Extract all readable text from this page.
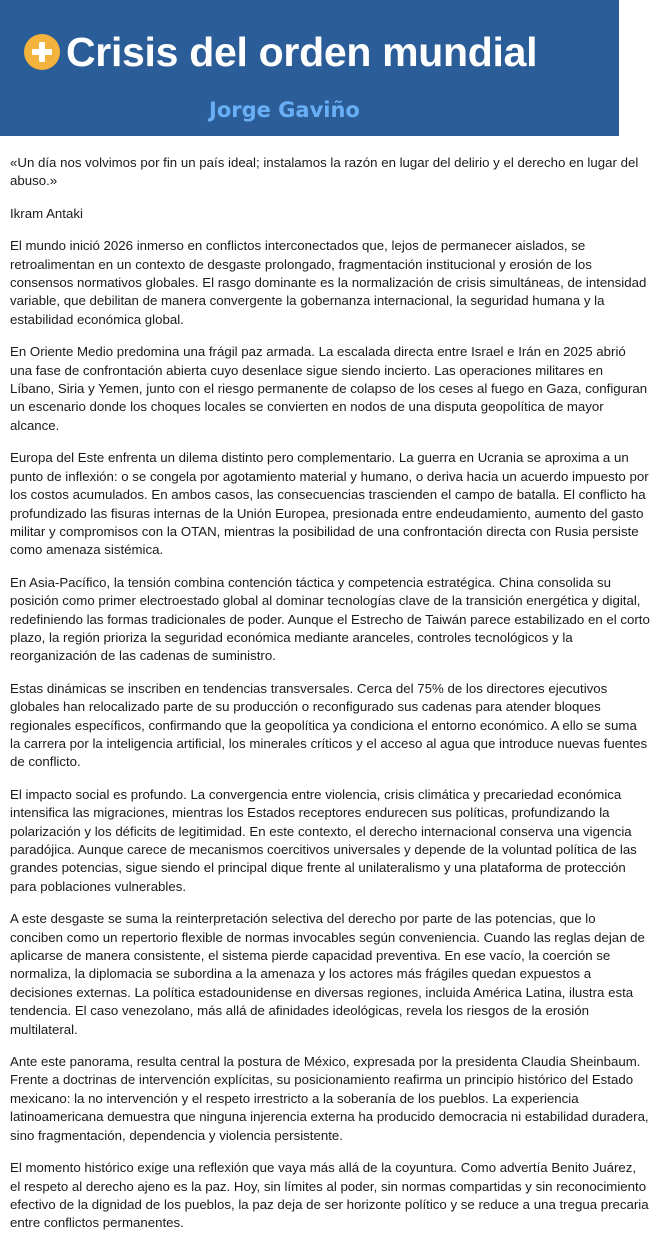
Crisis del orden mundial
Jorge Gaviño

«Un día nos volvimos por fin un país ideal; instalamos la razón en lugar del delirio y el derecho en lugar del abuso.»

Ikram Antaki

El mundo inició 2026 inmerso en conflictos interconectados que, lejos de permanecer aislados, se retroalimentan en un contexto de desgaste prolongado, fragmentación institucional y erosión de los consensos normativos globales. El rasgo dominante es la normalización de crisis simultáneas, de intensidad variable, que debilitan de manera convergente la gobernanza internacional, la seguridad humana y la estabilidad económica global.

En Oriente Medio predomina una frágil paz armada. La escalada directa entre Israel e Irán en 2025 abrió una fase de confrontación abierta cuyo desenlace sigue siendo incierto. Las operaciones militares en Líbano, Siria y Yemen, junto con el riesgo permanente de colapso de los ceses al fuego en Gaza, configuran un escenario donde los choques locales se convierten en nodos de una disputa geopolítica de mayor alcance.

Europa del Este enfrenta un dilema distinto pero complementario. La guerra en Ucrania se aproxima a un punto de inflexión: o se congela por agotamiento material y humano, o deriva hacia un acuerdo impuesto por los costos acumulados. En ambos casos, las consecuencias trascienden el campo de batalla. El conflicto ha profundizado las fisuras internas de la Unión Europea, presionada entre endeudamiento, aumento del gasto militar y compromisos con la OTAN, mientras la posibilidad de una confrontación directa con Rusia persiste como amenaza sistémica.

En Asia-Pacífico, la tensión combina contención táctica y competencia estratégica. China consolida su posición como primer electroestado global al dominar tecnologías clave de la transición energética y digital, redefiniendo las formas tradicionales de poder. Aunque el Estrecho de Taiwán parece estabilizado en el corto plazo, la región prioriza la seguridad económica mediante aranceles, controles tecnológicos y la reorganización de las cadenas de suministro.

Estas dinámicas se inscriben en tendencias transversales. Cerca del 75% de los directores ejecutivos globales han relocalizado parte de su producción o reconfigurado sus cadenas para atender bloques regionales específicos, confirmando que la geopolítica ya condiciona el entorno económico. A ello se suma la carrera por la inteligencia artificial, los minerales críticos y el acceso al agua que introduce nuevas fuentes de conflicto.

El impacto social es profundo. La convergencia entre violencia, crisis climática y precariedad económica intensifica las migraciones, mientras los Estados receptores endurecen sus políticas, profundizando la polarización y los déficits de legitimidad. En este contexto, el derecho internacional conserva una vigencia paradójica. Aunque carece de mecanismos coercitivos universales y depende de la voluntad política de las grandes potencias, sigue siendo el principal dique frente al unilateralismo y una plataforma de protección para poblaciones vulnerables.

A este desgaste se suma la reinterpretación selectiva del derecho por parte de las potencias, que lo conciben como un repertorio flexible de normas invocables según conveniencia. Cuando las reglas dejan de aplicarse de manera consistente, el sistema pierde capacidad preventiva. En ese vacío, la coerción se normaliza, la diplomacia se subordina a la amenaza y los actores más frágiles quedan expuestos a decisiones externas. La política estadounidense en diversas regiones, incluida América Latina, ilustra esta tendencia. El caso venezolano, más allá de afinidades ideológicas, revela los riesgos de la erosión multilateral.

Ante este panorama, resulta central la postura de México, expresada por la presidenta Claudia Sheinbaum. Frente a doctrinas de intervención explícitas, su posicionamiento reafirma un principio histórico del Estado mexicano: la no intervención y el respeto irrestricto a la soberanía de los pueblos. La experiencia latinoamericana demuestra que ninguna injerencia externa ha producido democracia ni estabilidad duradera, sino fragmentación, dependencia y violencia persistente.

El momento histórico exige una reflexión que vaya más allá de la coyuntura. Como advertía Benito Juárez, el respeto al derecho ajeno es la paz. Hoy, sin límites al poder, sin normas compartidas y sin reconocimiento efectivo de la dignidad de los pueblos, la paz deja de ser horizonte político y se reduce a una tregua precaria entre conflictos permanentes.
